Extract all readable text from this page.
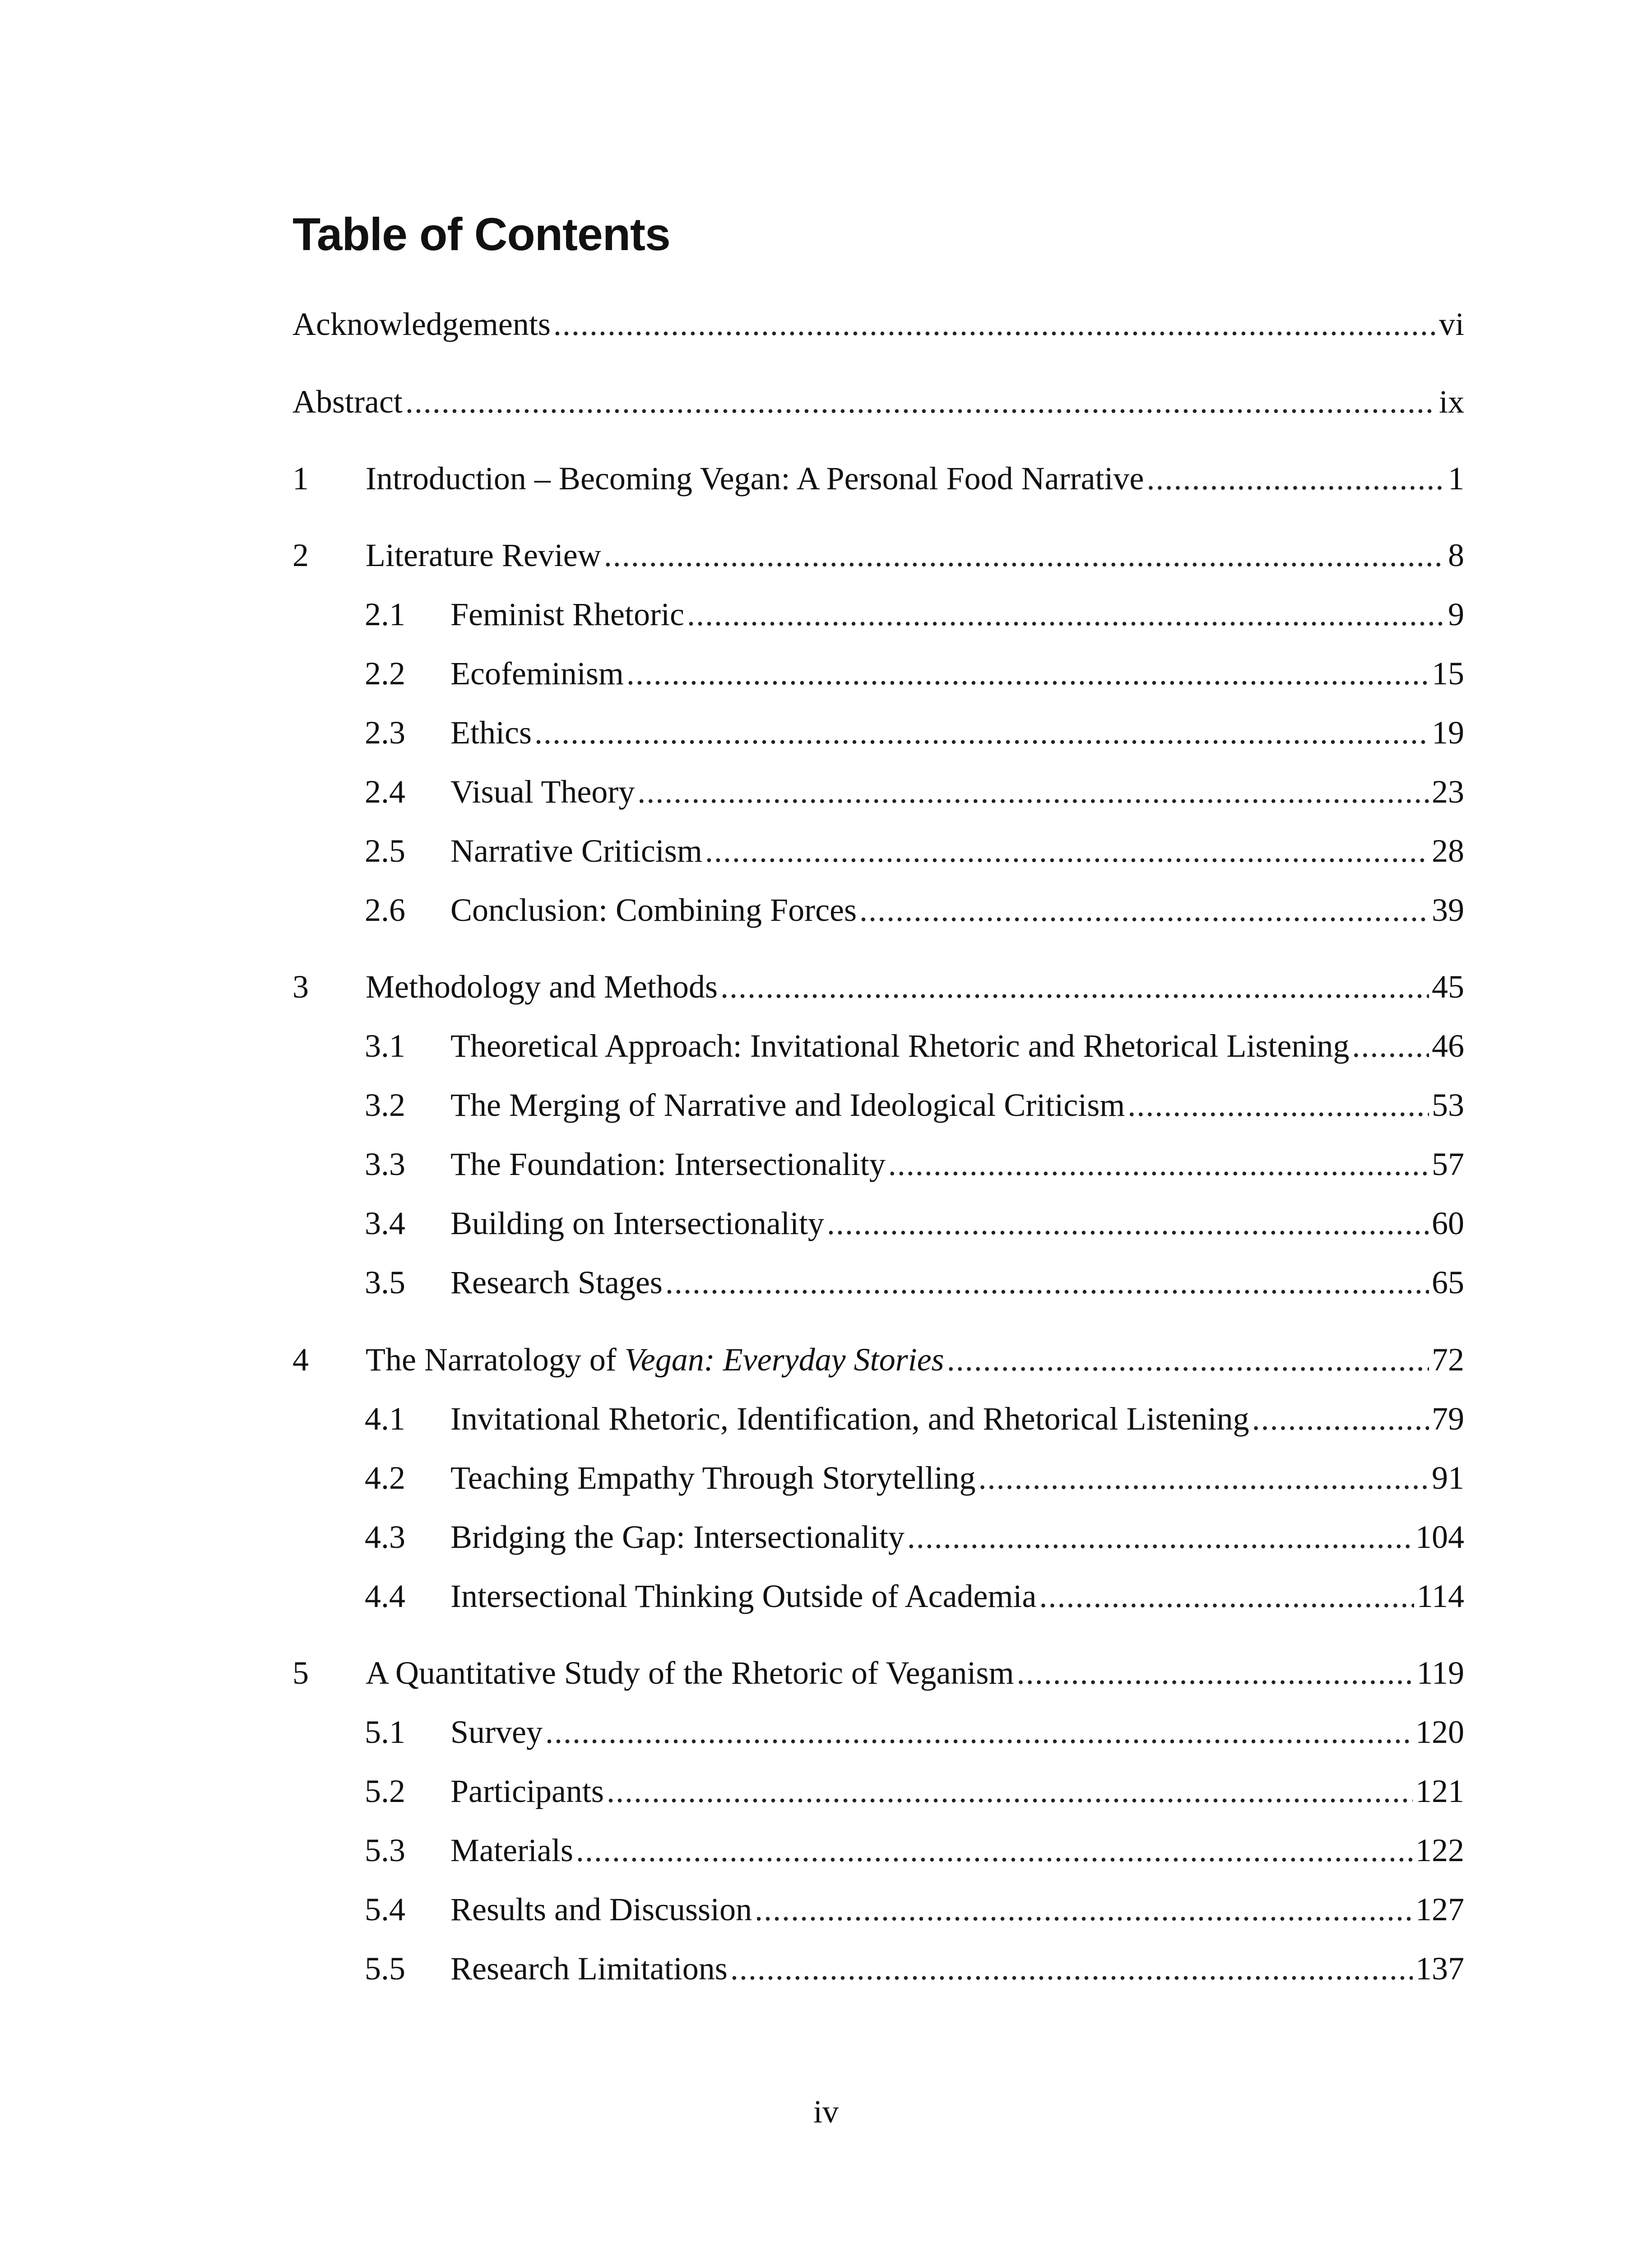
Table of Contents
Acknowledgements .....	vi
Abstract .....	ix
1	Introduction – Becoming Vegan: A Personal Food Narrative .....	1
2	Literature Review .....	8
2.1	Feminist Rhetoric .....	9
2.2	Ecofeminism .....	15
2.3	Ethics .....	19
2.4	Visual Theory .....	23
2.5	Narrative Criticism .....	28
2.6	Conclusion: Combining Forces .....	39
3	Methodology and Methods .....	45
3.1	Theoretical Approach: Invitational Rhetoric and Rhetorical Listening .....	46
3.2	The Merging of Narrative and Ideological Criticism .....	53
3.3	The Foundation: Intersectionality .....	57
3.4	Building on Intersectionality .....	60
3.5	Research Stages .....	65
4	The Narratology of Vegan: Everyday Stories .....	72
4.1	Invitational Rhetoric, Identification, and Rhetorical Listening .....	79
4.2	Teaching Empathy Through Storytelling .....	91
4.3	Bridging the Gap: Intersectionality .....	104
4.4	Intersectional Thinking Outside of Academia .....	114
5	A Quantitative Study of the Rhetoric of Veganism .....	119
5.1	Survey .....	120
5.2	Participants .....	121
5.3	Materials .....	122
5.4	Results and Discussion .....	127
5.5	Research Limitations .....	137
iv
